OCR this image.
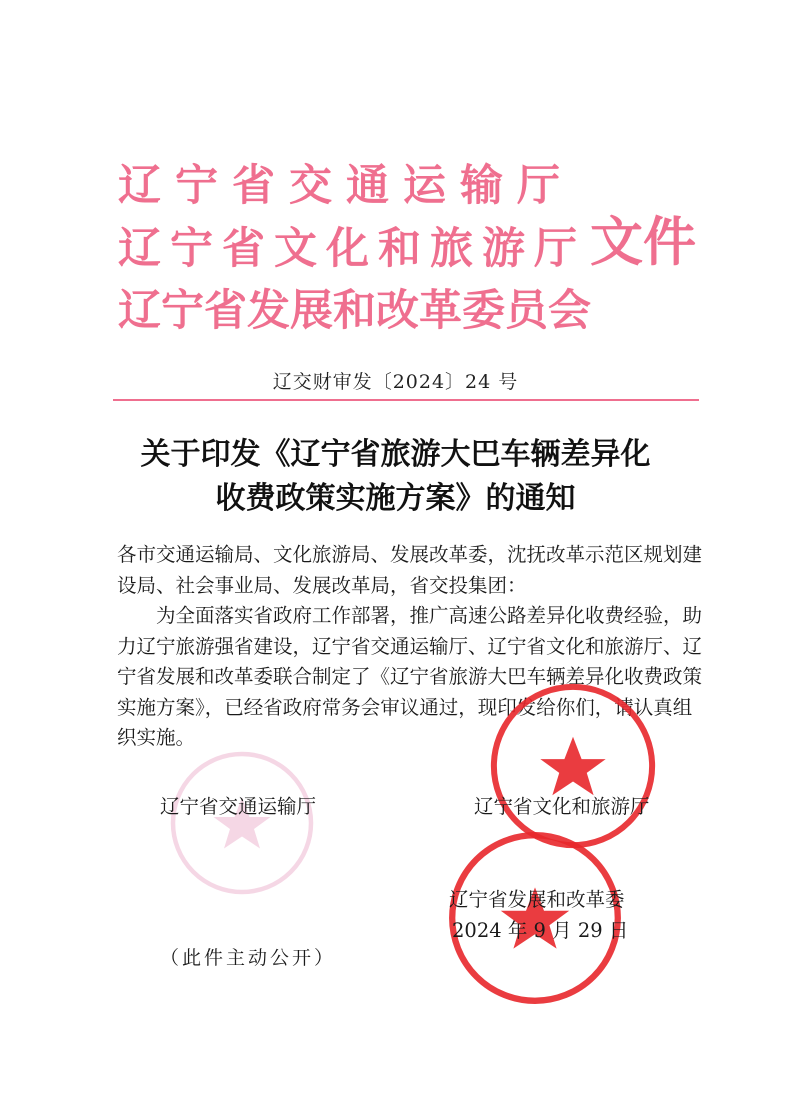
辽宁省交通运输厅
辽宁省文化和旅游厅
辽宁省发展和改革委员会
文件
辽交财审发〔2024〕24 号
关于印发《辽宁省旅游大巴车辆差异化
收费政策实施方案》的通知
各市交通运输局、文化旅游局、发展改革委，沈抚改革示范区规划建设局、社会事业局、发展改革局，省交投集团：
为全面落实省政府工作部署，推广高速公路差异化收费经验，助力辽宁旅游强省建设，辽宁省交通运输厅、辽宁省文化和旅游厅、辽宁省发展和改革委联合制定了《辽宁省旅游大巴车辆差异化收费政策实施方案》，已经省政府常务会审议通过，现印发给你们，请认真组织实施。
辽宁省交通运输厅	辽宁省文化和旅游厅
辽宁省发展和改革委
2024 年 9 月 29 日
（此件主动公开）
